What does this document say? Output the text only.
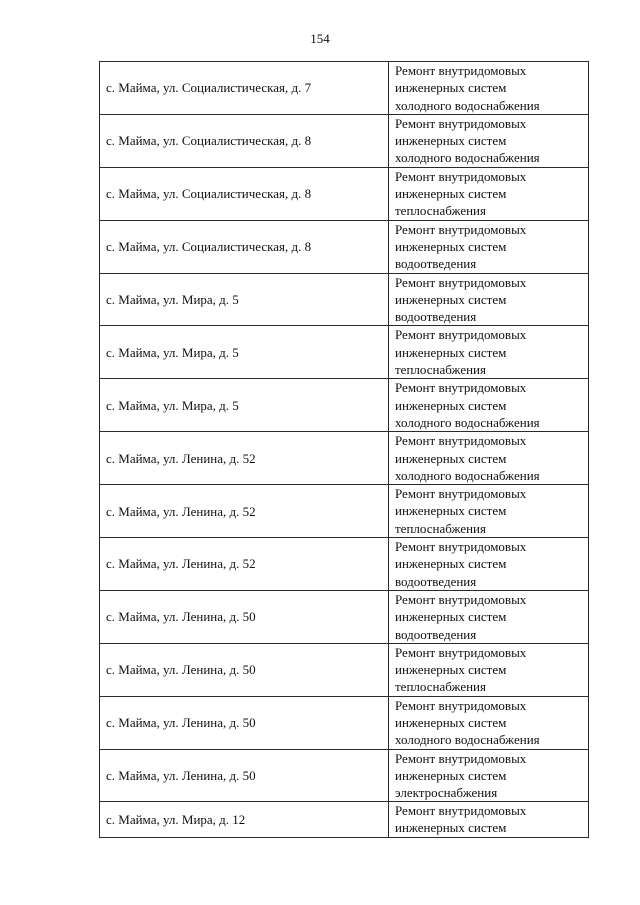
154
с. Майма, ул. Социалистическая, д. 7	Ремонт внутридомовых
инженерных систем
холодного водоснабжения

с. Майма, ул. Социалистическая, д. 8	Ремонт внутридомовых
инженерных систем
холодного водоснабжения

с. Майма, ул. Социалистическая, д. 8	Ремонт внутридомовых
инженерных систем
теплоснабжения

с. Майма, ул. Социалистическая, д. 8	Ремонт внутридомовых
инженерных систем
водоотведения

с. Майма, ул. Мира, д. 5	Ремонт внутридомовых
инженерных систем
водоотведения

с. Майма, ул. Мира, д. 5	Ремонт внутридомовых
инженерных систем
теплоснабжения

с. Майма, ул. Мира, д. 5	Ремонт внутридомовых
инженерных систем
холодного водоснабжения

с. Майма, ул. Ленина, д. 52	Ремонт внутридомовых
инженерных систем
холодного водоснабжения

с. Майма, ул. Ленина, д. 52	Ремонт внутридомовых
инженерных систем
теплоснабжения

с. Майма, ул. Ленина, д. 52	Ремонт внутридомовых
инженерных систем
водоотведения

с. Майма, ул. Ленина, д. 50	Ремонт внутридомовых
инженерных систем
водоотведения

с. Майма, ул. Ленина, д. 50	Ремонт внутридомовых
инженерных систем
теплоснабжения

с. Майма, ул. Ленина, д. 50	Ремонт внутридомовых
инженерных систем
холодного водоснабжения

с. Майма, ул. Ленина, д. 50	Ремонт внутридомовых
инженерных систем
электроснабжения

с. Майма, ул. Мира, д. 12	Ремонт внутридомовых
инженерных систем
